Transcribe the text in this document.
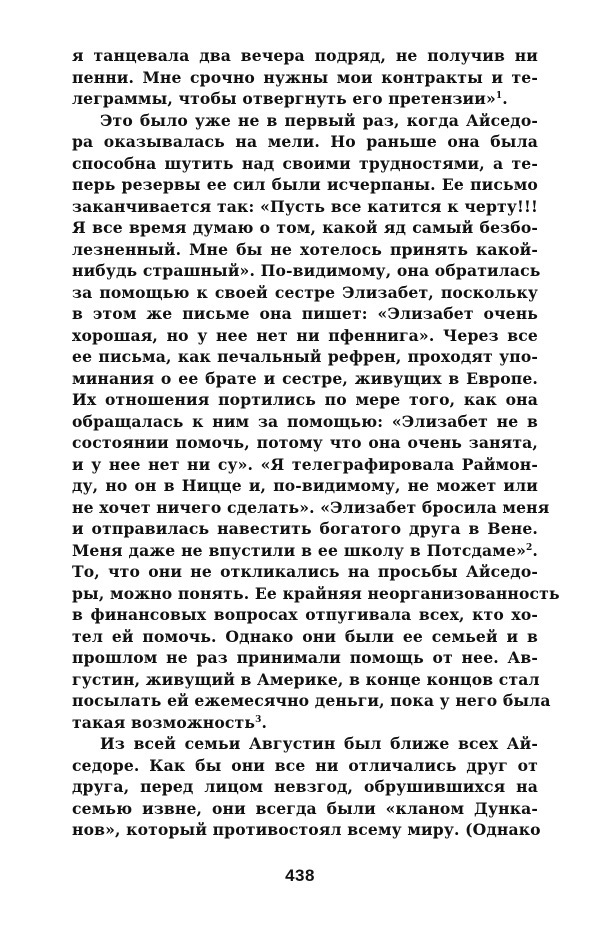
я танцевала два вечера подряд, не получив ни
пенни. Мне срочно нужны мои контракты и те-
леграммы, чтобы отвергнуть его претензии»$^1$.
Это было уже не в первый раз, когда Айседо-
ра оказывалась на мели. Но раньше она была
способна шутить над своими трудностями, а те-
перь резервы ее сил были исчерпаны. Ее письмо
заканчивается так: «Пусть все катится к черту!!!
Я все время думаю о том, какой яд самый безбо-
лезненный. Мне бы не хотелось принять какой-
нибудь страшный». По-видимому, она обратилась
за помощью к своей сестре Элизабет, поскольку
в этом же письме она пишет: «Элизабет очень
хорошая, но у нее нет ни пфеннига». Через все
ее письма, как печальный рефрен, проходят упо-
минания о ее брате и сестре, живущих в Европе.
Их отношения портились по мере того, как она
обращалась к ним за помощью: «Элизабет не в
состоянии помочь, потому что она очень занята,
и у нее нет ни су». «Я телеграфировала Раймон-
ду, но он в Ницце и, по-видимому, не может или
не хочет ничего сделать». «Элизабет бросила меня
и отправилась навестить богатого друга в Вене.
Меня даже не впустили в ее школу в Потсдаме»$^2$.
То, что они не откликались на просьбы Айседо-
ры, можно понять. Ее крайняя неорганизованность
в финансовых вопросах отпугивала всех, кто хо-
тел ей помочь. Однако они были ее семьей и в
прошлом не раз принимали помощь от нее. Ав-
густин, живущий в Америке, в конце концов стал
посылать ей ежемесячно деньги, пока у него была
такая возможность$^3$.
Из всей семьи Августин был ближе всех Ай-
седоре. Как бы они все ни отличались друг от
друга, перед лицом невзгод, обрушившихся на
семью извне, они всегда были «кланом Дунка-
нов», который противостоял всему миру. (Однако
438
